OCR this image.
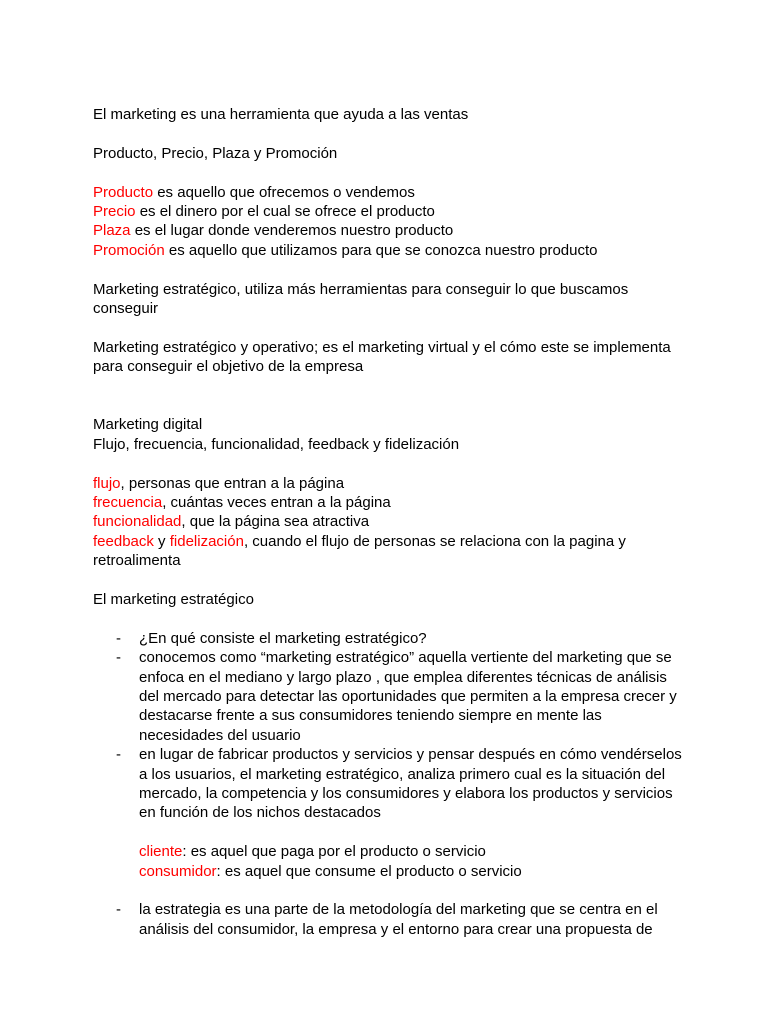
El marketing es una herramienta que ayuda a las ventas

Producto, Precio, Plaza y Promoción

Producto es aquello que ofrecemos o vendemos
Precio es el dinero por el cual se ofrece el producto
Plaza es el lugar donde venderemos nuestro producto
Promoción es aquello que utilizamos para que se conozca nuestro producto

Marketing estratégico, utiliza más herramientas para conseguir lo que buscamos conseguir

Marketing estratégico y operativo; es el marketing virtual y el cómo este se implementa para conseguir el objetivo de la empresa

Marketing digital
Flujo, frecuencia, funcionalidad, feedback y fidelización
flujo, personas que entran a la página
frecuencia, cuántas veces entran a la página
funcionalidad, que la página sea atractiva
feedback y fidelización, cuando el flujo de personas se relaciona con la pagina y retroalimenta

El marketing estratégico

- ¿En qué consiste el marketing estratégico?
- conocemos como “marketing estratégico” aquella vertiente del marketing que se enfoca en el mediano y largo plazo , que emplea diferentes técnicas de análisis del mercado para detectar las oportunidades que permiten a la empresa crecer y destacarse frente a sus consumidores teniendo siempre en mente las necesidades del usuario
- en lugar de fabricar productos y servicios y pensar después en cómo vendérselos a los usuarios, el marketing estratégico, analiza primero cual es la situación del mercado, la competencia y los consumidores y elabora los productos y servicios en función de los nichos destacados
cliente: es aquel que paga por el producto o servicio
consumidor: es aquel que consume el producto o servicio
- la estrategia es una parte de la metodología del marketing que se centra en el análisis del consumidor, la empresa y el entorno para crear una propuesta de
